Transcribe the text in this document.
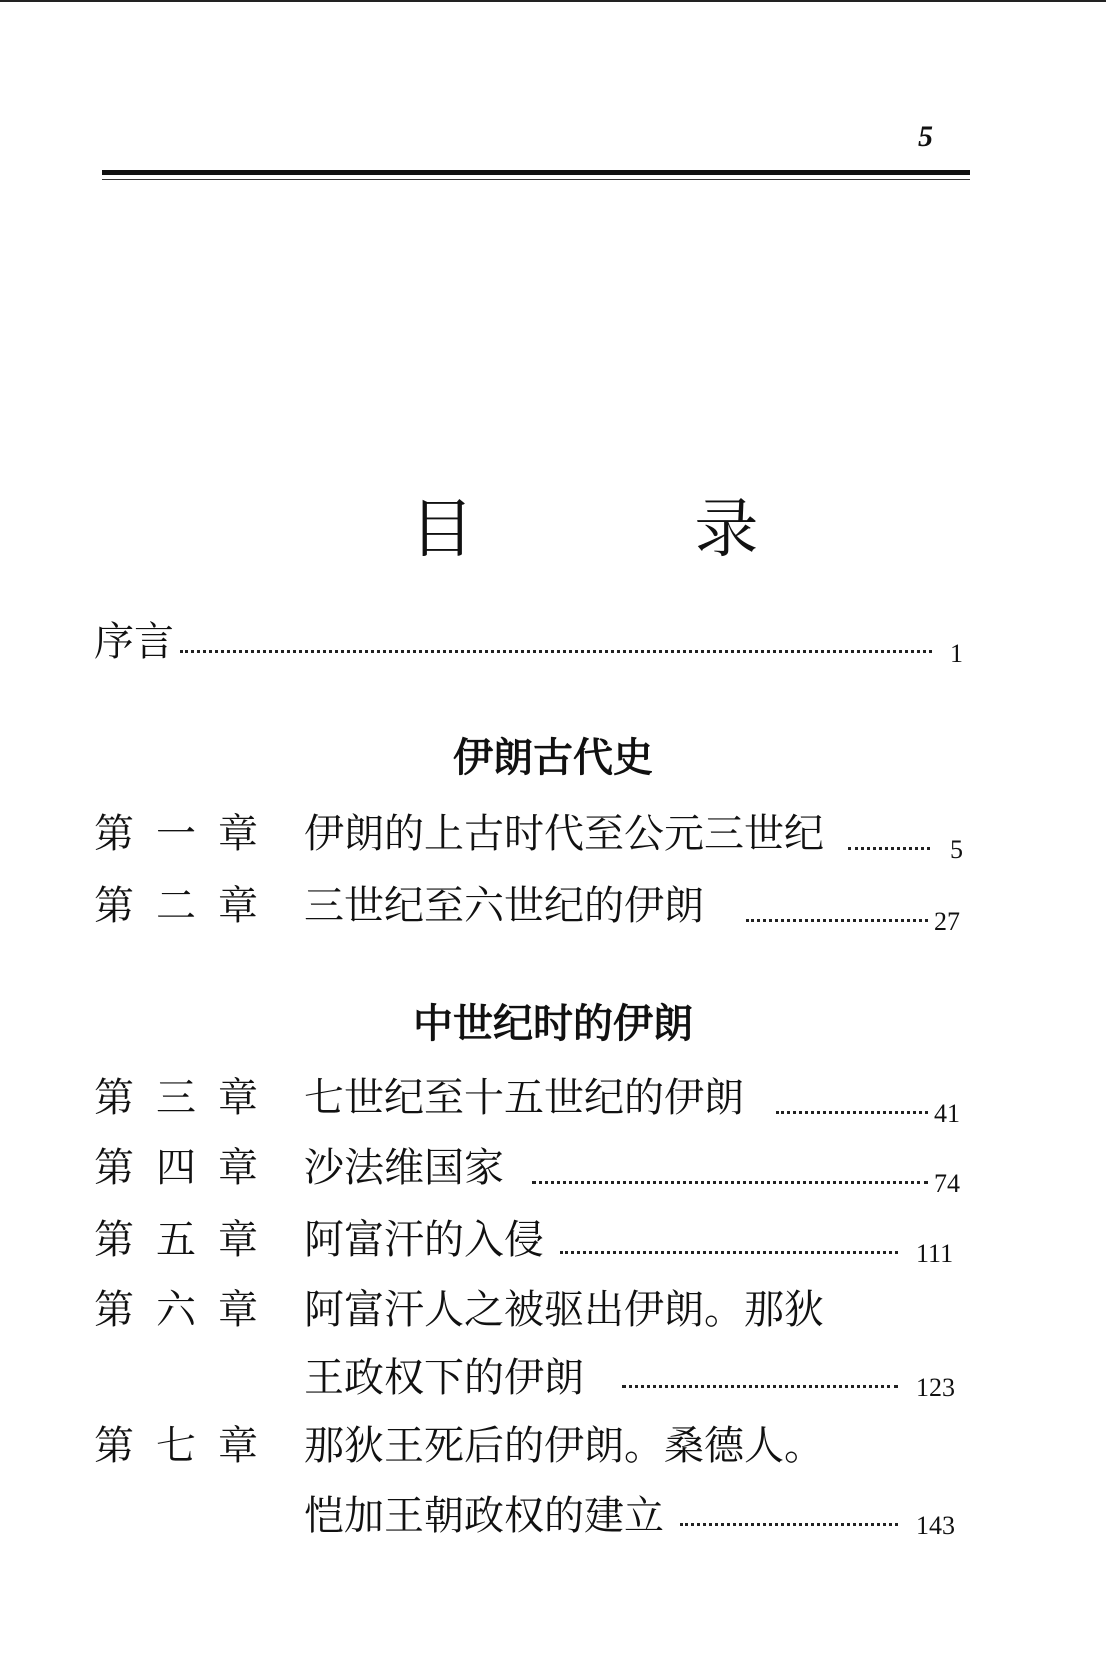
5
目 录
序言	1
伊朗古代史
第一章 伊朗的上古时代至公元三世纪	5
第二章 三世纪至六世纪的伊朗	27
中世纪时的伊朗
第三章 七世纪至十五世纪的伊朗	41
第四章 沙法维国家	74
第五章 阿富汗的入侵	111
第六章 阿富汗人之被驱出伊朗。那狄
王政权下的伊朗	123
第七章 那狄王死后的伊朗。桑德人。
恺加王朝政权的建立	143
